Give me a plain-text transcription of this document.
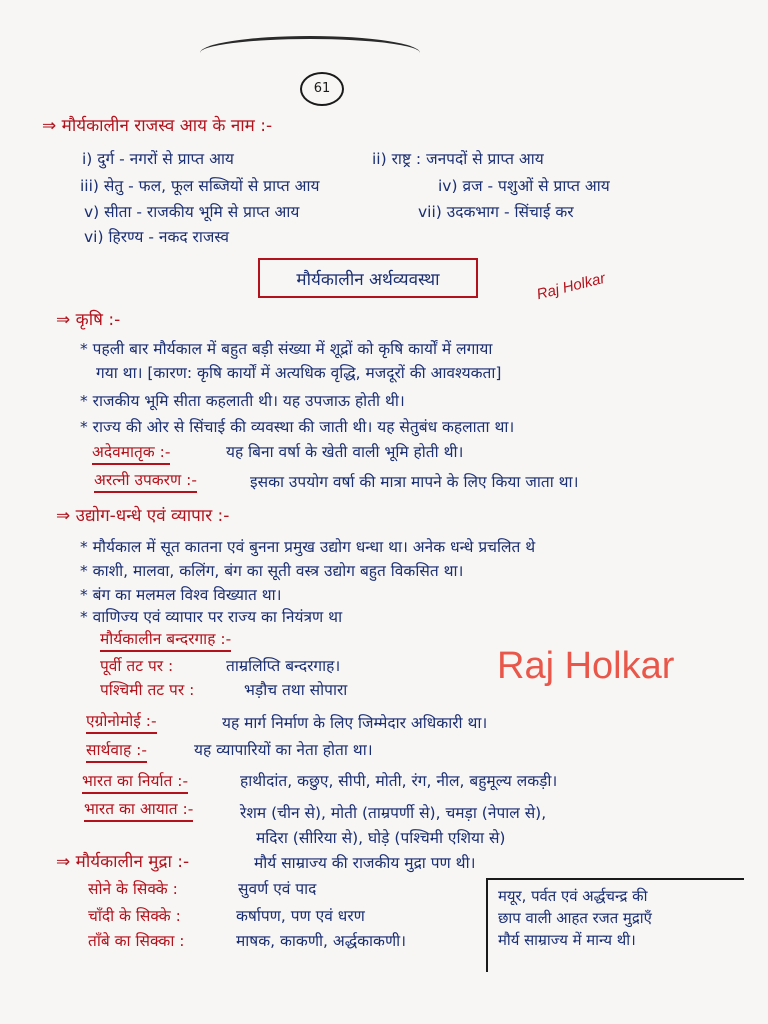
61
⇒ मौर्यकालीन राजस्व आय के नाम :-
i) दुर्ग - नगरों से प्राप्त आय	ii) राष्ट्र : जनपदों से प्राप्त आय
iii) सेतु - फल, फूल सब्जियों से प्राप्त आय	iv) व्रज - पशुओं से प्राप्त आय
v) सीता - राजकीय भूमि से प्राप्त आय	vii) उदकभाग - सिंचाई कर
vi) हिरण्य - नकद राजस्व
मौर्यकालीन अर्थव्यवस्था	Raj Holkar
⇒ कृषि :-
* पहली बार मौर्यकाल में बहुत बड़ी संख्या में शूद्रों को कृषि कार्यों में लगाया
गया था। [कारण: कृषि कार्यों में अत्यधिक वृद्धि, मजदूरों की आवश्यकता]
* राजकीय भूमि सीता कहलाती थी। यह उपजाऊ होती थी।
* राज्य की ओर से सिंचाई की व्यवस्था की जाती थी। यह सेतुबंध कहलाता था।
अदेवमातृक :-	यह बिना वर्षा के खेती वाली भूमि होती थी।
अरत्नी उपकरण :-	इसका उपयोग वर्षा की मात्रा मापने के लिए किया जाता था।
⇒ उद्योग-धन्धे एवं व्यापार :-
* मौर्यकाल में सूत कातना एवं बुनना प्रमुख उद्योग धन्धा था। अनेक धन्धे प्रचलित थे
* काशी, मालवा, कलिंग, बंग का सूती वस्त्र उद्योग बहुत विकसित था।
* बंग का मलमल विश्व विख्यात था।
* वाणिज्य एवं व्यापार पर राज्य का नियंत्रण था
मौर्यकालीन बन्दरगाह :-
पूर्वी तट पर :	ताम्रलिप्ति बन्दरगाह।
पश्चिमी तट पर :	भड़ौच तथा सोपारा
Raj Holkar
एग्रोनोमोई :-	यह मार्ग निर्माण के लिए जिम्मेदार अधिकारी था।
सार्थवाह :-	यह व्यापारियों का नेता होता था।
भारत का निर्यात :-	हाथीदांत, कछुए, सीपी, मोती, रंग, नील, बहुमूल्य लकड़ी।
भारत का आयात :-	रेशम (चीन से), मोती (ताम्रपर्णी से), चमड़ा (नेपाल से),
मदिरा (सीरिया से), घोड़े (पश्चिमी एशिया से)
⇒ मौर्यकालीन मुद्रा :-	मौर्य साम्राज्य की राजकीय मुद्रा पण थी।
सोने के सिक्के :	सुवर्ण एवं पाद
चाँदी के सिक्के :	कर्षापण, पण एवं धरण
ताँबे का सिक्का :	माषक, काकणी, अर्द्धकाकणी।
मयूर, पर्वत एवं अर्द्धचन्द्र की
छाप वाली आहत रजत मुद्राएँ
मौर्य साम्राज्य में मान्य थी।
